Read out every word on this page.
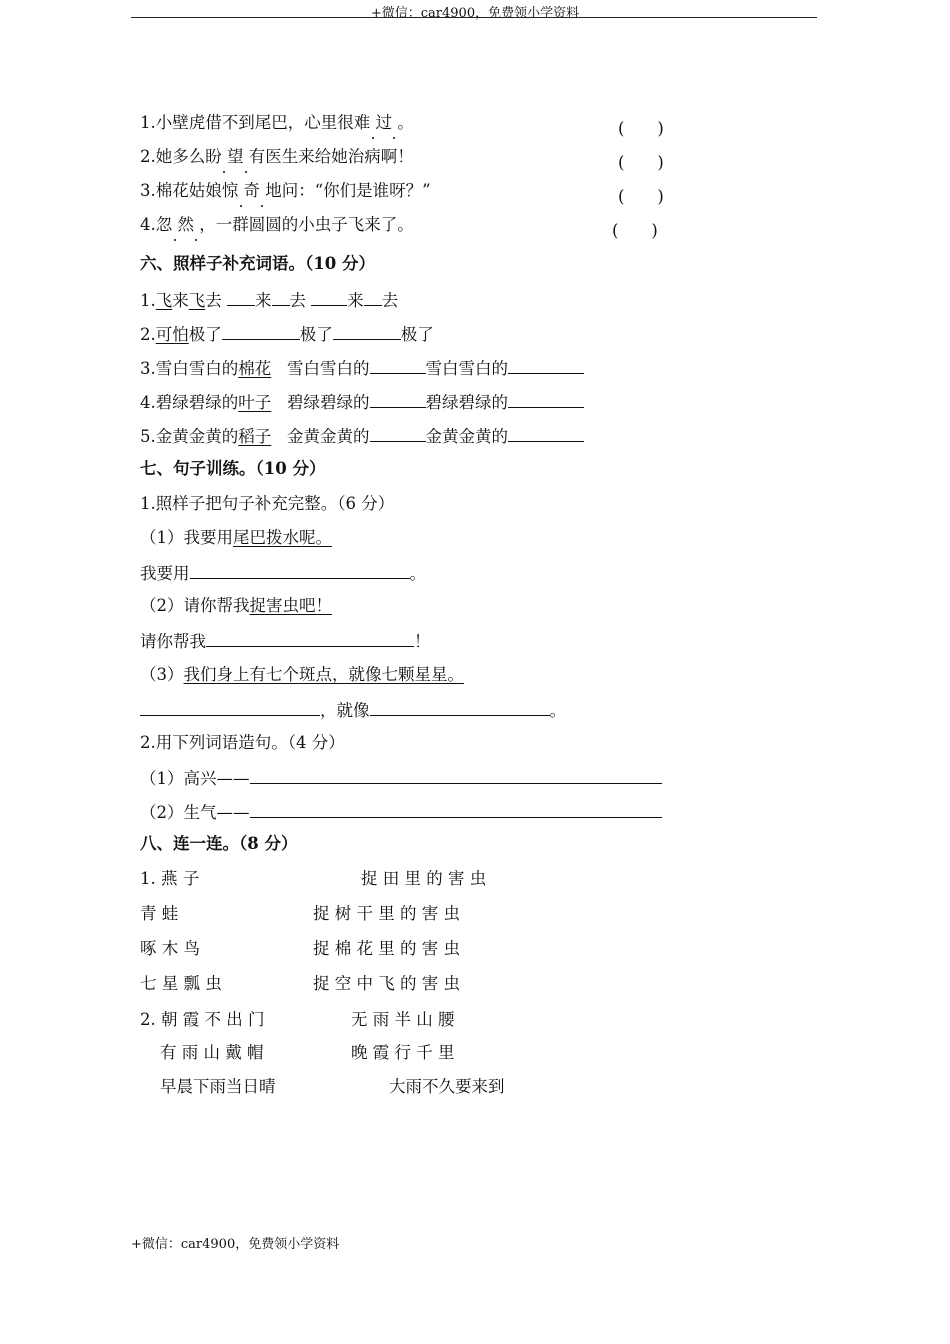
+微信：car4900，免费领小学资料
1.小壁虎借不到尾巴，心里很难 过 。	(　　)
2.她多么盼 望 有医生来给她治病啊！	(　　)
3.棉花姑娘惊 奇 地问：“你们是谁呀？”	(　　)
4.忽 然 ，一群圆圆的小虫子飞来了。	(　　)
六、照样子补充词语。（10 分）
1.飞来飞去 来 去	来 去
2.可怕极了	极了	极了
3.雪白雪白的棉花 雪白雪白的	雪白雪白的
4.碧绿碧绿的叶子 碧绿碧绿的	碧绿碧绿的
5.金黄金黄的稻子 金黄金黄的	金黄金黄的
七、句子训练。（10 分）
1.照样子把句子补充完整。（6 分）
（1）我要用尾巴拨水呢。
我要用	。
（2）请你帮我捉害虫吧！
请你帮我	！
（3）我们身上有七个斑点，就像七颗星星。
，就像	。
2.用下列词语造句。（4 分）
（1）高兴——
（2）生气——
八、连一连。（8 分）
1. 燕 子	捉 田 里 的 害 虫
青 蛙	捉 树 干 里 的 害 虫
啄 木 鸟	捉 棉 花 里 的 害 虫
七 星 瓢 虫	捉 空 中 飞 的 害 虫
2. 朝 霞 不 出 门	无 雨 半 山 腰
有 雨 山 戴 帽	晚 霞 行 千 里
早晨下雨当日晴	大雨不久要来到
+微信：car4900，免费领小学资料
